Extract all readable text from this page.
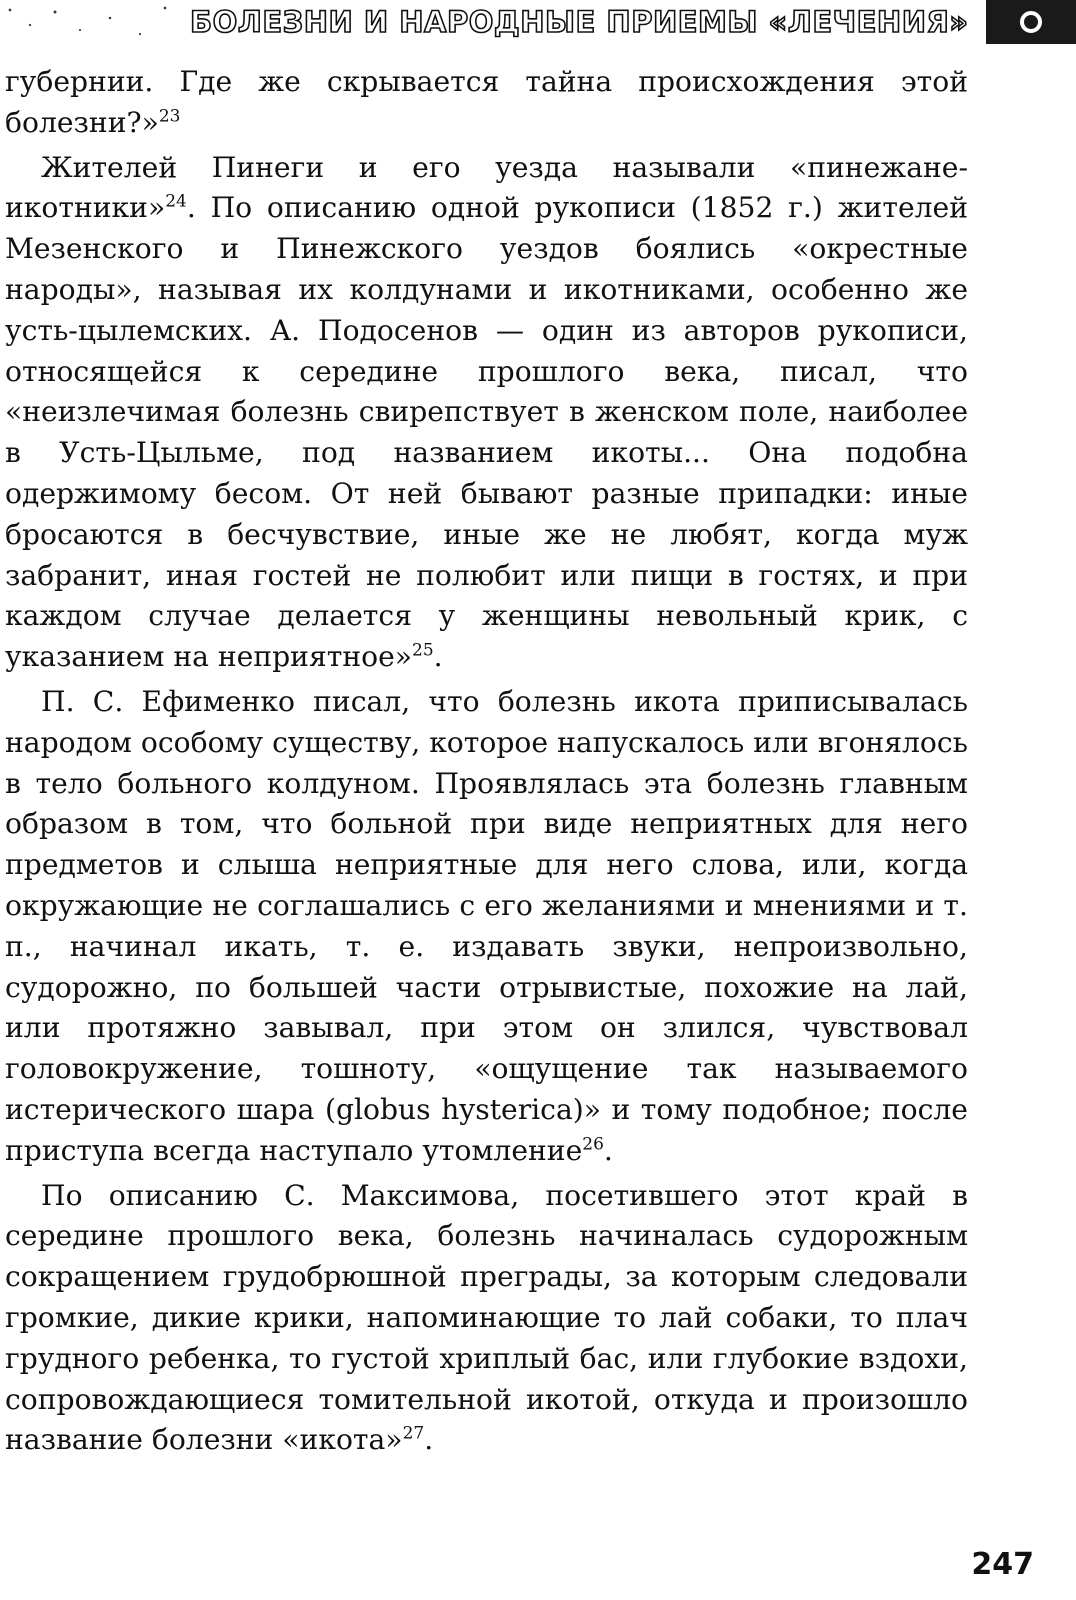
БОЛЕЗНИ И НАРОДНЫЕ ПРИЕМЫ «ЛЕЧЕНИЯ»

губернии. Где же скрывается тайна происхождения этой болезни?»$^{23}$

Жителей Пинеги и его уезда называли «пинежане-икотники»$^{24}$. По описанию одной рукописи (1852 г.) жителей Мезенского и Пинежского уездов боялись «окрестные народы», называя их колдунами и икотниками, особенно же усть-цылемских. А. Подосенов — один из авторов рукописи, относящейся к середине прошлого века, писал, что «неизлечимая болезнь свирепствует в женском поле, наиболее в Усть-Цыльме, под названием икоты... Она подобна одержимому бесом. От ней бывают разные припадки: иные бросаются в бесчувствие, иные же не любят, когда муж забранит, иная гостей не полюбит или пищи в гостях, и при каждом случае делается у женщины невольный крик, с указанием на неприятное»$^{25}$.

П. С. Ефименко писал, что болезнь икота приписывалась народом особому существу, которое напускалось или вгонялось в тело больного колдуном. Проявлялась эта болезнь главным образом в том, что больной при виде неприятных для него предметов и слыша неприятные для него слова, или, когда окружающие не соглашались с его желаниями и мнениями и т. п., начинал икать, т. е. издавать звуки, непроизвольно, судорожно, по большей части отрывистые, похожие на лай, или протяжно завывал, при этом он злился, чувствовал головокружение, тошноту, «ощущение так называемого истерического шара (globus hysterica)» и тому подобное; после приступа всегда наступало утомление$^{26}$.

По описанию С. Максимова, посетившего этот край в середине прошлого века, болезнь начиналась судорожным сокращением грудобрюшной преграды, за которым следовали громкие, дикие крики, напоминающие то лай собаки, то плач грудного ребенка, то густой хриплый бас, или глубокие вздохи, сопровождающиеся томительной икотой, откуда и произошло название болезни «икота»$^{27}$.

247
